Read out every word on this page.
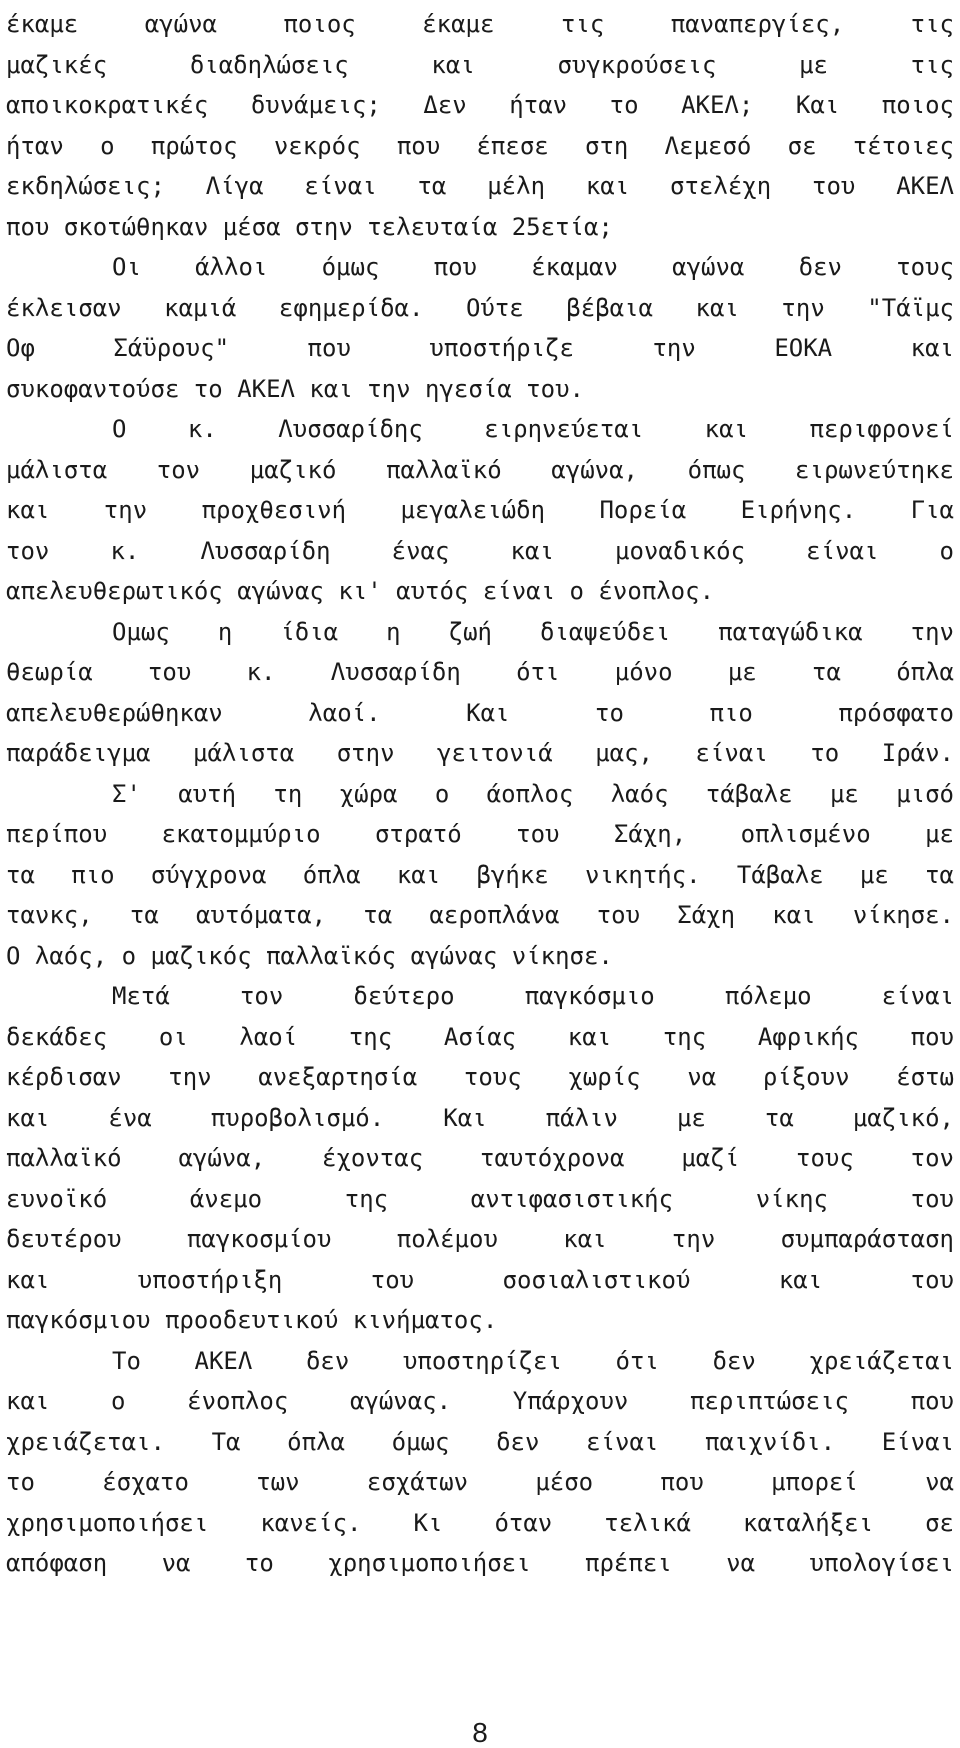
έκαμε αγώνα ποιος έκαμε τις παναπεργίες, τις
μαζικές διαδηλώσεις και συγκρούσεις με τις
αποικοκρατικές δυνάμεις; Δεν ήταν το ΑΚΕΛ; Και ποιος
ήταν ο πρώτος νεκρός που έπεσε στη Λεμεσό σε τέτοιες
εκδηλώσεις; Λίγα είναι τα μέλη και στελέχη του ΑΚΕΛ
που σκοτώθηκαν μέσα στην τελευταία 25ετία;
Οι άλλοι όμως που έκαμαν αγώνα δεν τους
έκλεισαν καμιά εφημερίδα. Ούτε βέβαια και την "Τάϊμς
Οφ Σάϋρους" που υποστήριζε την ΕΟΚΑ και
συκοφαντούσε το ΑΚΕΛ και την ηγεσία του.
Ο κ. Λυσσαρίδης ειρηνεύεται και περιφρονεί
μάλιστα τον μαζικό παλλαϊκό αγώνα, όπως ειρωνεύτηκε
και την προχθεσινή μεγαλειώδη Πορεία Ειρήνης. Για
τον κ. Λυσσαρίδη ένας και μοναδικός είναι ο
απελευθερωτικός αγώνας κι' αυτός είναι ο ένοπλος.
Ομως η ίδια η ζωή διαψεύδει παταγώδικα την
θεωρία του κ. Λυσσαρίδη ότι μόνο με τα όπλα
απελευθερώθηκαν λαοί. Και το πιο πρόσφατο
παράδειγμα μάλιστα στην γειτονιά μας, είναι το Ιράν.
Σ' αυτή τη χώρα ο άοπλος λαός τάβαλε με μισό
περίπου εκατομμύριο στρατό του Σάχη, οπλισμένο με
τα πιο σύγχρονα όπλα και βγήκε νικητής. Τάβαλε με τα
τανκς, τα αυτόματα, τα αεροπλάνα του Σάχη και νίκησε.
Ο λαός, ο μαζικός παλλαϊκός αγώνας νίκησε.
Μετά τον δεύτερο παγκόσμιο πόλεμο είναι
δεκάδες οι λαοί της Ασίας και της Αφρικής που
κέρδισαν την ανεξαρτησία τους χωρίς να ρίξουν έστω
και ένα πυροβολισμό. Και πάλιν με τα μαζικό,
παλλαϊκό αγώνα, έχοντας ταυτόχρονα μαζί τους τον
ευνοϊκό άνεμο της αντιφασιστικής νίκης του
δευτέρου παγκοσμίου πολέμου και την συμπαράσταση
και υποστήριξη του σοσιαλιστικού και του
παγκόσμιου προοδευτικού κινήματος.
Το ΑΚΕΛ δεν υποστηρίζει ότι δεν χρειάζεται
και ο ένοπλος αγώνας. Υπάρχουν περιπτώσεις που
χρειάζεται. Τα όπλα όμως δεν είναι παιχνίδι. Είναι
το έσχατο των εσχάτων μέσο που μπορεί να
χρησιμοποιήσει κανείς. Κι όταν τελικά καταλήξει σε
απόφαση να το χρησιμοποιήσει πρέπει να υπολογίσει
8
